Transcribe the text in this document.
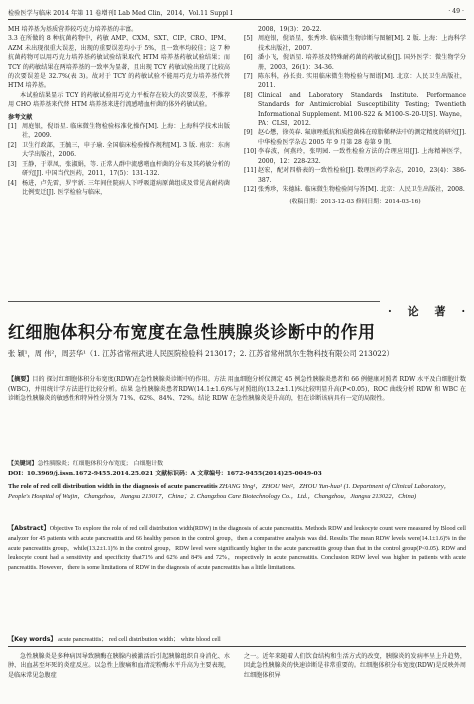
检验医学与临床 2014 年第 11 卷增刊Ⅰ Lab Med Clin，2014，Vol.11 Suppl Ⅰ	· 49 ·

MH 培养基为基质营养较巧克力培养基的丰富。

3.3 在所做的 8 种抗菌药物中，药敏 AMP、CXM、SXT、CIP、CRO、IPM、AZM 未出现很重大误差，出现的重要误差均小于 5%，且一致率均较佳；这 7 种抗菌药物可以用巧克力培养基药敏试验结果取代 HTM 培养基药敏试验结果；而 TCY 的药敏结果在两培养基的一致率为显著，且出现 TCY 药敏试验出现了比较高的次要误差是 32.7%(表 3)。故对于 TCY 的药敏试验不能用巧克力培养基代替 HTM 培养基。

本试验结果显示 TCY 的药敏试验用巧克力平板存在较大的次要误差，不推荐用 CHO 培养基来代替 HTM 培养基来进行流感嗜血杆菌的体外药敏试验。

参考文献
[1] 周庭银，倪语星. 临床微生物检验标准化操作[M]. 上海：上海科学技术出版社，2009.
[2] 卫生行政部，王毓三，申子瑜. 全国临床检验操作规程[M]. 3 版. 南京：东南大学出版社，2006.
[3] 王静，于翠凤，张淑娟，等. 正常人群中流感嗜血杆菌的分布及其药敏分析的研究[J]. 中国当代医药，2011，17(5)：131-132.
[4] 杨进，卢先雷，罗宇新. 三年间住院病人下呼吸道病原菌组成及常见高耐药菌比例变迁[J]. 医学检验与临床，
2008，19(3)：20-22.
[5] 周庭银，倪语星，张秀珍. 临床微生物诊断与图解[M]. 2 版. 上海：上海科学技术出版社，2007.
[6] 潘小飞，倪语星. 培养基及特殊耐药菌的药敏试验[J]. 国外医学：微生物学分册，2003，26(1)：34-36.
[7] 陈东科，孙长贵. 实用临床微生物检验与图谱[M]. 北京：人民卫生出版社，2011.
[8] Clinical and Laboratory Standards Institute. Performance Standards for Antimicrobial Susceptibility Testing; Twentieth Informational Supplement. M100-S22 & M100-S-20-U[S]. Wayne，PA：CLSI，2012.
[9] 赵心懋，徐英春. 氟康唑抵抗和质控菌株在琼脂稀释法中的测定精度的研究[J]. 中华检验医学杂志 2005 年 9 月第 28 卷第 9 期.
[10] 李春波，何燕玲，张明园. 一致性检验方法的合理应用[J]. 上海精神医学，2000，12：228-232.
[11] 赵宏，配对四格表的一致性检验[J]. 数理医药学杂志，2010，23(4)：386-387.
[12] 张秀珍，朱德妹. 临床微生物检验问与答[M]. 北京：人民卫生出版社，2008.
(收稿日期：2013-12-03 修回日期：2014-03-16)
· 论 著 ·
红细胞体积分布宽度在急性胰腺炎诊断中的作用
张 颖¹，周 伟²，周芸华¹（1. 江苏省常州武进人民医院检验科 213017；2. 江苏省常州凯尔生物科技有限公司 213022）
【摘要】目的 探讨红细胞体积分布宽度(RDW)在急性胰腺炎诊断中的作用。方法 用血细胞分析仪测定 45 例急性胰腺炎患者和 66 例健康对照者 RDW 水平及白细胞计数(WBC)，并用统计学方法进行比较分析。结果 急性胰腺炎患者RDW(14.1±1.6)%与对照组的(13.2±1.1)%比较明显升高(P<0.05)，ROC 曲线分析 RDW 和 WBC 在诊断急性胰腺炎的敏感性和特异性分别为 71%、62%、84%、72%。结论 RDW 在急性胰腺炎是升高的，但在诊断该病具有一定的局限性。
【关键词】急性胰腺炎；红细胞体积分布宽度； 白细胞计数
DOI：10.3969/j.issn.1672-9455.2014.25.021 文献标识码：A 文章编号：1672-9455(2014)25-0049-03
The role of red cell distribution width in the diagnosis of acute pancreatitis ZHANG Ying¹，ZHOU Wei²，ZHOU Yun-hua¹ (1. Department of Clinical Laboratory，People's Hospital of Wujin，Changzhou，Jiangsu 213017，China；2. Changzhou Care Biotechnology Co.，Ltd.，Changzhou，Jiangsu 213022，China)
【Abstract】Objective To explore the role of red cell distribution width(RDW) in the diagnosis of acute pancreatitis. Methods RDW and leukocyte count were measured by Blood cell analyzer for 45 patients with acute pancreatitis and 66 healthy person in the control group，then a comparative analysis was did. Results The mean RDW levels were(14.1±1.6)% in the acute pancreatitis group，while(13.2±1.1)% in the control group，RDW level were significantly higher in the acute pancreatitis group than that in the control group(P<0.05). RDW and leukocyte count had a sensitivity and specificity that71% and 62% and 84% and 72%，respectively in acute pancreatitis. Conclusion RDW level was higher in patients with acute pancreatitis. However，there is some limitations of RDW in the diagnosis of acute pancreatitis has a little limitations.
【Key words】 acute pancreatitis； red cell distribution width； white blood cell

急性胰腺炎是多种病因导致胰酶在胰腺内被激活后引起胰腺组织自身消化、水肿、出血甚至坏死的炎症反应。以急性上腹痛和血清淀粉酶水平升高为主要表现，是临床常见急腹症

之一。近年来随着人们饮食结构和生活方式的改变，胰腺炎的发病率呈上升趋势，因此急性胰腺炎的快速诊断是非常重要的。红细胞体积分布宽度(RDW)是反映外周红细胞体积异
